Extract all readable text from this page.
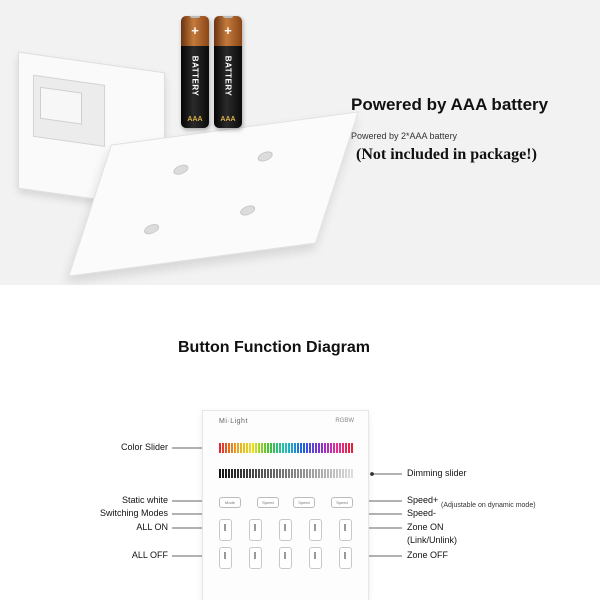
+
BATTERY
AAA
+
BATTERY
AAA
Powered by AAA battery
Powered by 2*AAA battery
(Not included in package!)
Button Function Diagram
Mi·Light	RGBW
Mode	Speed	Speed	Speed
Color Slider
Static white
Switching Modes
ALL ON
ALL OFF
Dimming slider
Speed+
(Adjustable on dynamic mode)
Speed-
Zone ON
(Link/Unlink)
Zone OFF
